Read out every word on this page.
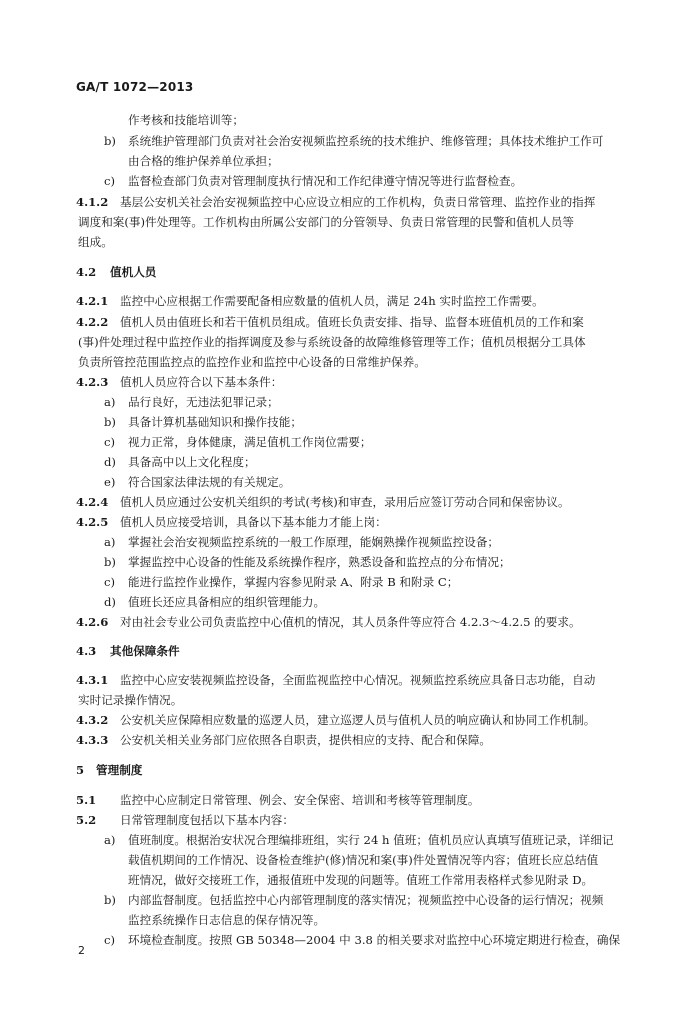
GA/T 1072—2013
作考核和技能培训等；
b) 系统维护管理部门负责对社会治安视频监控系统的技术维护、维修管理；具体技术维护工作可
由合格的维护保养单位承担；
c) 监督检查部门负责对管理制度执行情况和工作纪律遵守情况等进行监督检查。
4.1.2 基层公安机关社会治安视频监控中心应设立相应的工作机构，负责日常管理、监控作业的指挥
调度和案(事)件处理等。工作机构由所属公安部门的分管领导、负责日常管理的民警和值机人员等
组成。
4.2 值机人员
4.2.1 监控中心应根据工作需要配备相应数量的值机人员，满足 24h 实时监控工作需要。
4.2.2 值机人员由值班长和若干值机员组成。值班长负责安排、指导、监督本班值机员的工作和案
(事)件处理过程中监控作业的指挥调度及参与系统设备的故障维修管理等工作；值机员根据分工具体
负责所管控范围监控点的监控作业和监控中心设备的日常维护保养。
4.2.3 值机人员应符合以下基本条件：
a) 品行良好，无违法犯罪记录；
b) 具备计算机基础知识和操作技能；
c) 视力正常，身体健康，满足值机工作岗位需要；
d) 具备高中以上文化程度；
e) 符合国家法律法规的有关规定。
4.2.4 值机人员应通过公安机关组织的考试(考核)和审查，录用后应签订劳动合同和保密协议。
4.2.5 值机人员应接受培训，具备以下基本能力才能上岗：
a) 掌握社会治安视频监控系统的一般工作原理，能娴熟操作视频监控设备；
b) 掌握监控中心设备的性能及系统操作程序，熟悉设备和监控点的分布情况；
c) 能进行监控作业操作，掌握内容参见附录 A、附录 B 和附录 C；
d) 值班长还应具备相应的组织管理能力。
4.2.6 对由社会专业公司负责监控中心值机的情况，其人员条件等应符合 4.2.3～4.2.5 的要求。
4.3 其他保障条件
4.3.1 监控中心应安装视频监控设备，全面监视监控中心情况。视频监控系统应具备日志功能，自动
实时记录操作情况。
4.3.2 公安机关应保障相应数量的巡逻人员，建立巡逻人员与值机人员的响应确认和协同工作机制。
4.3.3 公安机关相关业务部门应依照各自职责，提供相应的支持、配合和保障。
5 管理制度
5.1 监控中心应制定日常管理、例会、安全保密、培训和考核等管理制度。
5.2 日常管理制度包括以下基本内容：
a) 值班制度。根据治安状况合理编排班组，实行 24 h 值班；值机员应认真填写值班记录，详细记
载值机期间的工作情况、设备检查维护(修)情况和案(事)件处置情况等内容；值班长应总结值
班情况，做好交接班工作，通报值班中发现的问题等。值班工作常用表格样式参见附录 D。
b) 内部监督制度。包括监控中心内部管理制度的落实情况；视频监控中心设备的运行情况；视频
监控系统操作日志信息的保存情况等。
c) 环境检查制度。按照 GB 50348—2004 中 3.8 的相关要求对监控中心环境定期进行检查，确保
2
